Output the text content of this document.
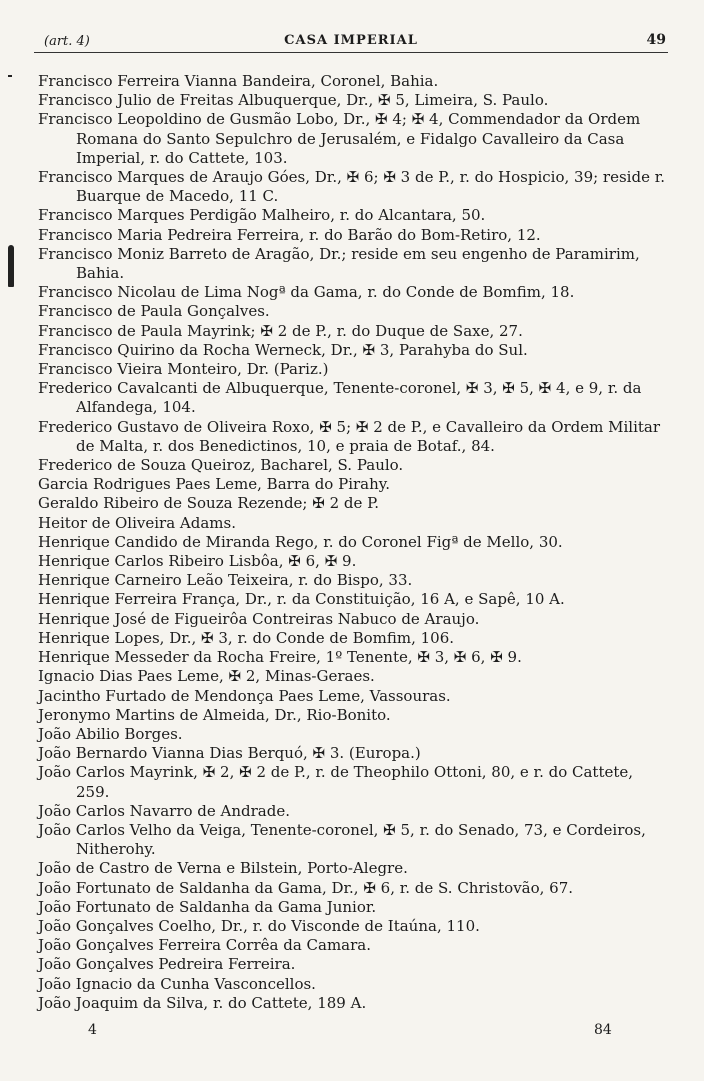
(art. 4)	CASA IMPERIAL	49

Francisco Ferreira Vianna Bandeira, Coronel, Bahia.

Francisco Julio de Freitas Albuquerque, Dr., ✠ 5, Limeira, S. Paulo.

Francisco Leopoldino de Gusmão Lobo, Dr., ✠ 4; ✠ 4, Commendador da Ordem Romana do Santo Sepulchro de Jerusalém, e Fidalgo Cavalleiro da Casa Imperial, r. do Cattete, 103.

Francisco Marques de Araujo Góes, Dr., ✠ 6; ✠ 3 de P., r. do Hospicio, 39; reside r. Buarque de Macedo, 11 C.

Francisco Marques Perdigão Malheiro, r. do Alcantara, 50.

Francisco Maria Pedreira Ferreira, r. do Barão do Bom-Retiro, 12.

Francisco Moniz Barreto de Aragão, Dr.; reside em seu engenho de Paramirim, Bahia.

Francisco Nicolau de Lima Nogª da Gama, r. do Conde de Bomfim, 18.

Francisco de Paula Gonçalves.

Francisco de Paula Mayrink; ✠ 2 de P., r. do Duque de Saxe, 27.

Francisco Quirino da Rocha Werneck, Dr., ✠ 3, Parahyba do Sul.

Francisco Vieira Monteiro, Dr. (Pariz.)

Frederico Cavalcanti de Albuquerque, Tenente-coronel, ✠ 3, ✠ 5, ✠ 4, e 9, r. da Alfandega, 104.

Frederico Gustavo de Oliveira Roxo, ✠ 5; ✠ 2 de P., e Cavalleiro da Ordem Militar de Malta, r. dos Benedictinos, 10, e praia de Botaf., 84.

Frederico de Souza Queiroz, Bacharel, S. Paulo.

Garcia Rodrigues Paes Leme, Barra do Pirahy.

Geraldo Ribeiro de Souza Rezende; ✠ 2 de P.

Heitor de Oliveira Adams.

Henrique Candido de Miranda Rego, r. do Coronel Figª de Mello, 30.

Henrique Carlos Ribeiro Lisbôa, ✠ 6, ✠ 9.

Henrique Carneiro Leão Teixeira, r. do Bispo, 33.

Henrique Ferreira França, Dr., r. da Constituição, 16 A, e Sapê, 10 A.

Henrique José de Figueirôa Contreiras Nabuco de Araujo.

Henrique Lopes, Dr., ✠ 3, r. do Conde de Bomfim, 106.

Henrique Messeder da Rocha Freire, 1º Tenente, ✠ 3, ✠ 6, ✠ 9.

Ignacio Dias Paes Leme, ✠ 2, Minas-Geraes.

Jacintho Furtado de Mendonça Paes Leme, Vassouras.

Jeronymo Martins de Almeida, Dr., Rio-Bonito.

João Abilio Borges.

João Bernardo Vianna Dias Berquó, ✠ 3. (Europa.)

João Carlos Mayrink, ✠ 2, ✠ 2 de P., r. de Theophilo Ottoni, 80, e r. do Cattete, 259.

João Carlos Navarro de Andrade.

João Carlos Velho da Veiga, Tenente-coronel, ✠ 5, r. do Senado, 73, e Cordeiros, Nitherohy.

João de Castro de Verna e Bilstein, Porto-Alegre.

João Fortunato de Saldanha da Gama, Dr., ✠ 6, r. de S. Christovão, 67.

João Fortunato de Saldanha da Gama Junior.

João Gonçalves Coelho, Dr., r. do Visconde de Itaúna, 110.

João Gonçalves Ferreira Corrêa da Camara.

João Gonçalves Pedreira Ferreira.

João Ignacio da Cunha Vasconcellos.

João Joaquim da Silva, r. do Cattete, 189 A.

4	84
